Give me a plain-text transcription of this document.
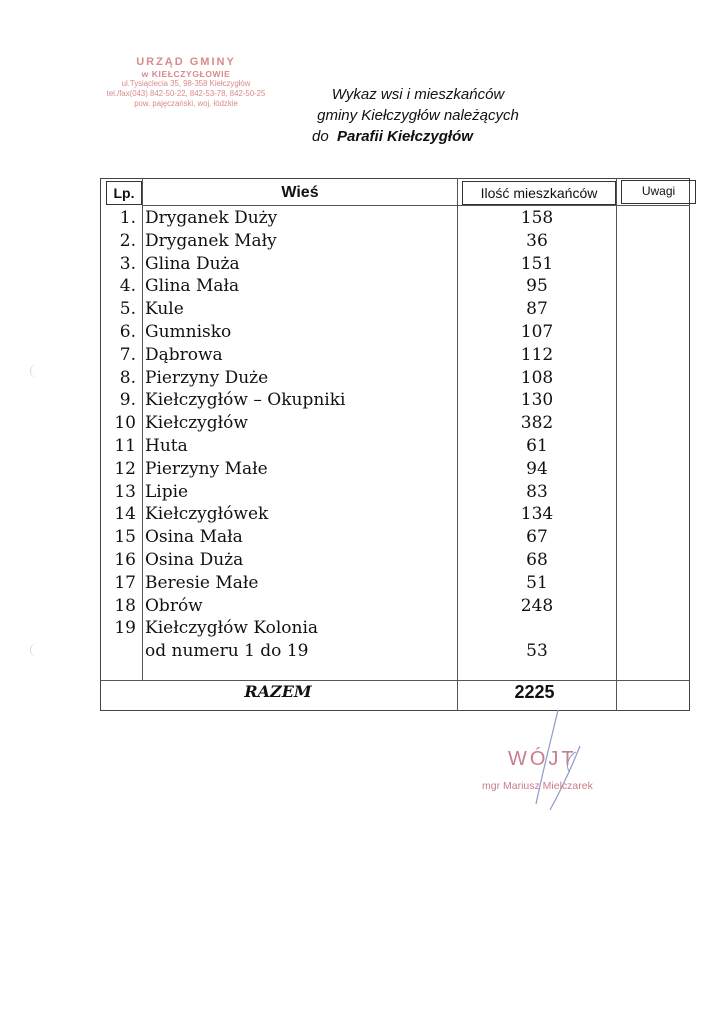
URZĄD GMINY
w KIEŁCZYGŁOWIE
ul.Tysiąclecia 35, 98-358 Kiełczygłów
tel./fax(043) 842-50-22, 842-53-78, 842-50-25
pow. pajęczański, woj. łódzkie
Wykaz wsi i mieszkańców
gminy Kiełczygłów należących
do Parafii Kiełczygłów
Lp.	Wieś	Ilość mieszkańców	Uwagi
1. Dryganek Duży	158
2. Dryganek Mały	36
3. Glina Duża	151
4. Glina Mała	95
5. Kule	87
6. Gumnisko	107
7. Dąbrowa	112
8. Pierzyny Duże	108
9. Kiełczygłów – Okupniki	130
10 Kiełczygłów	382
11 Huta	61
12 Pierzyny Małe	94
13 Lipie	83
14 Kiełczygłówek	134
15 Osina Mała	67
16 Osina Duża	68
17 Beresie Małe	51
18 Obrów	248
19 Kiełczygłów Kolonia
od numeru 1 do 19	53
RAZEM	2225
WÓJT
mgr Mariusz Mielczarek
